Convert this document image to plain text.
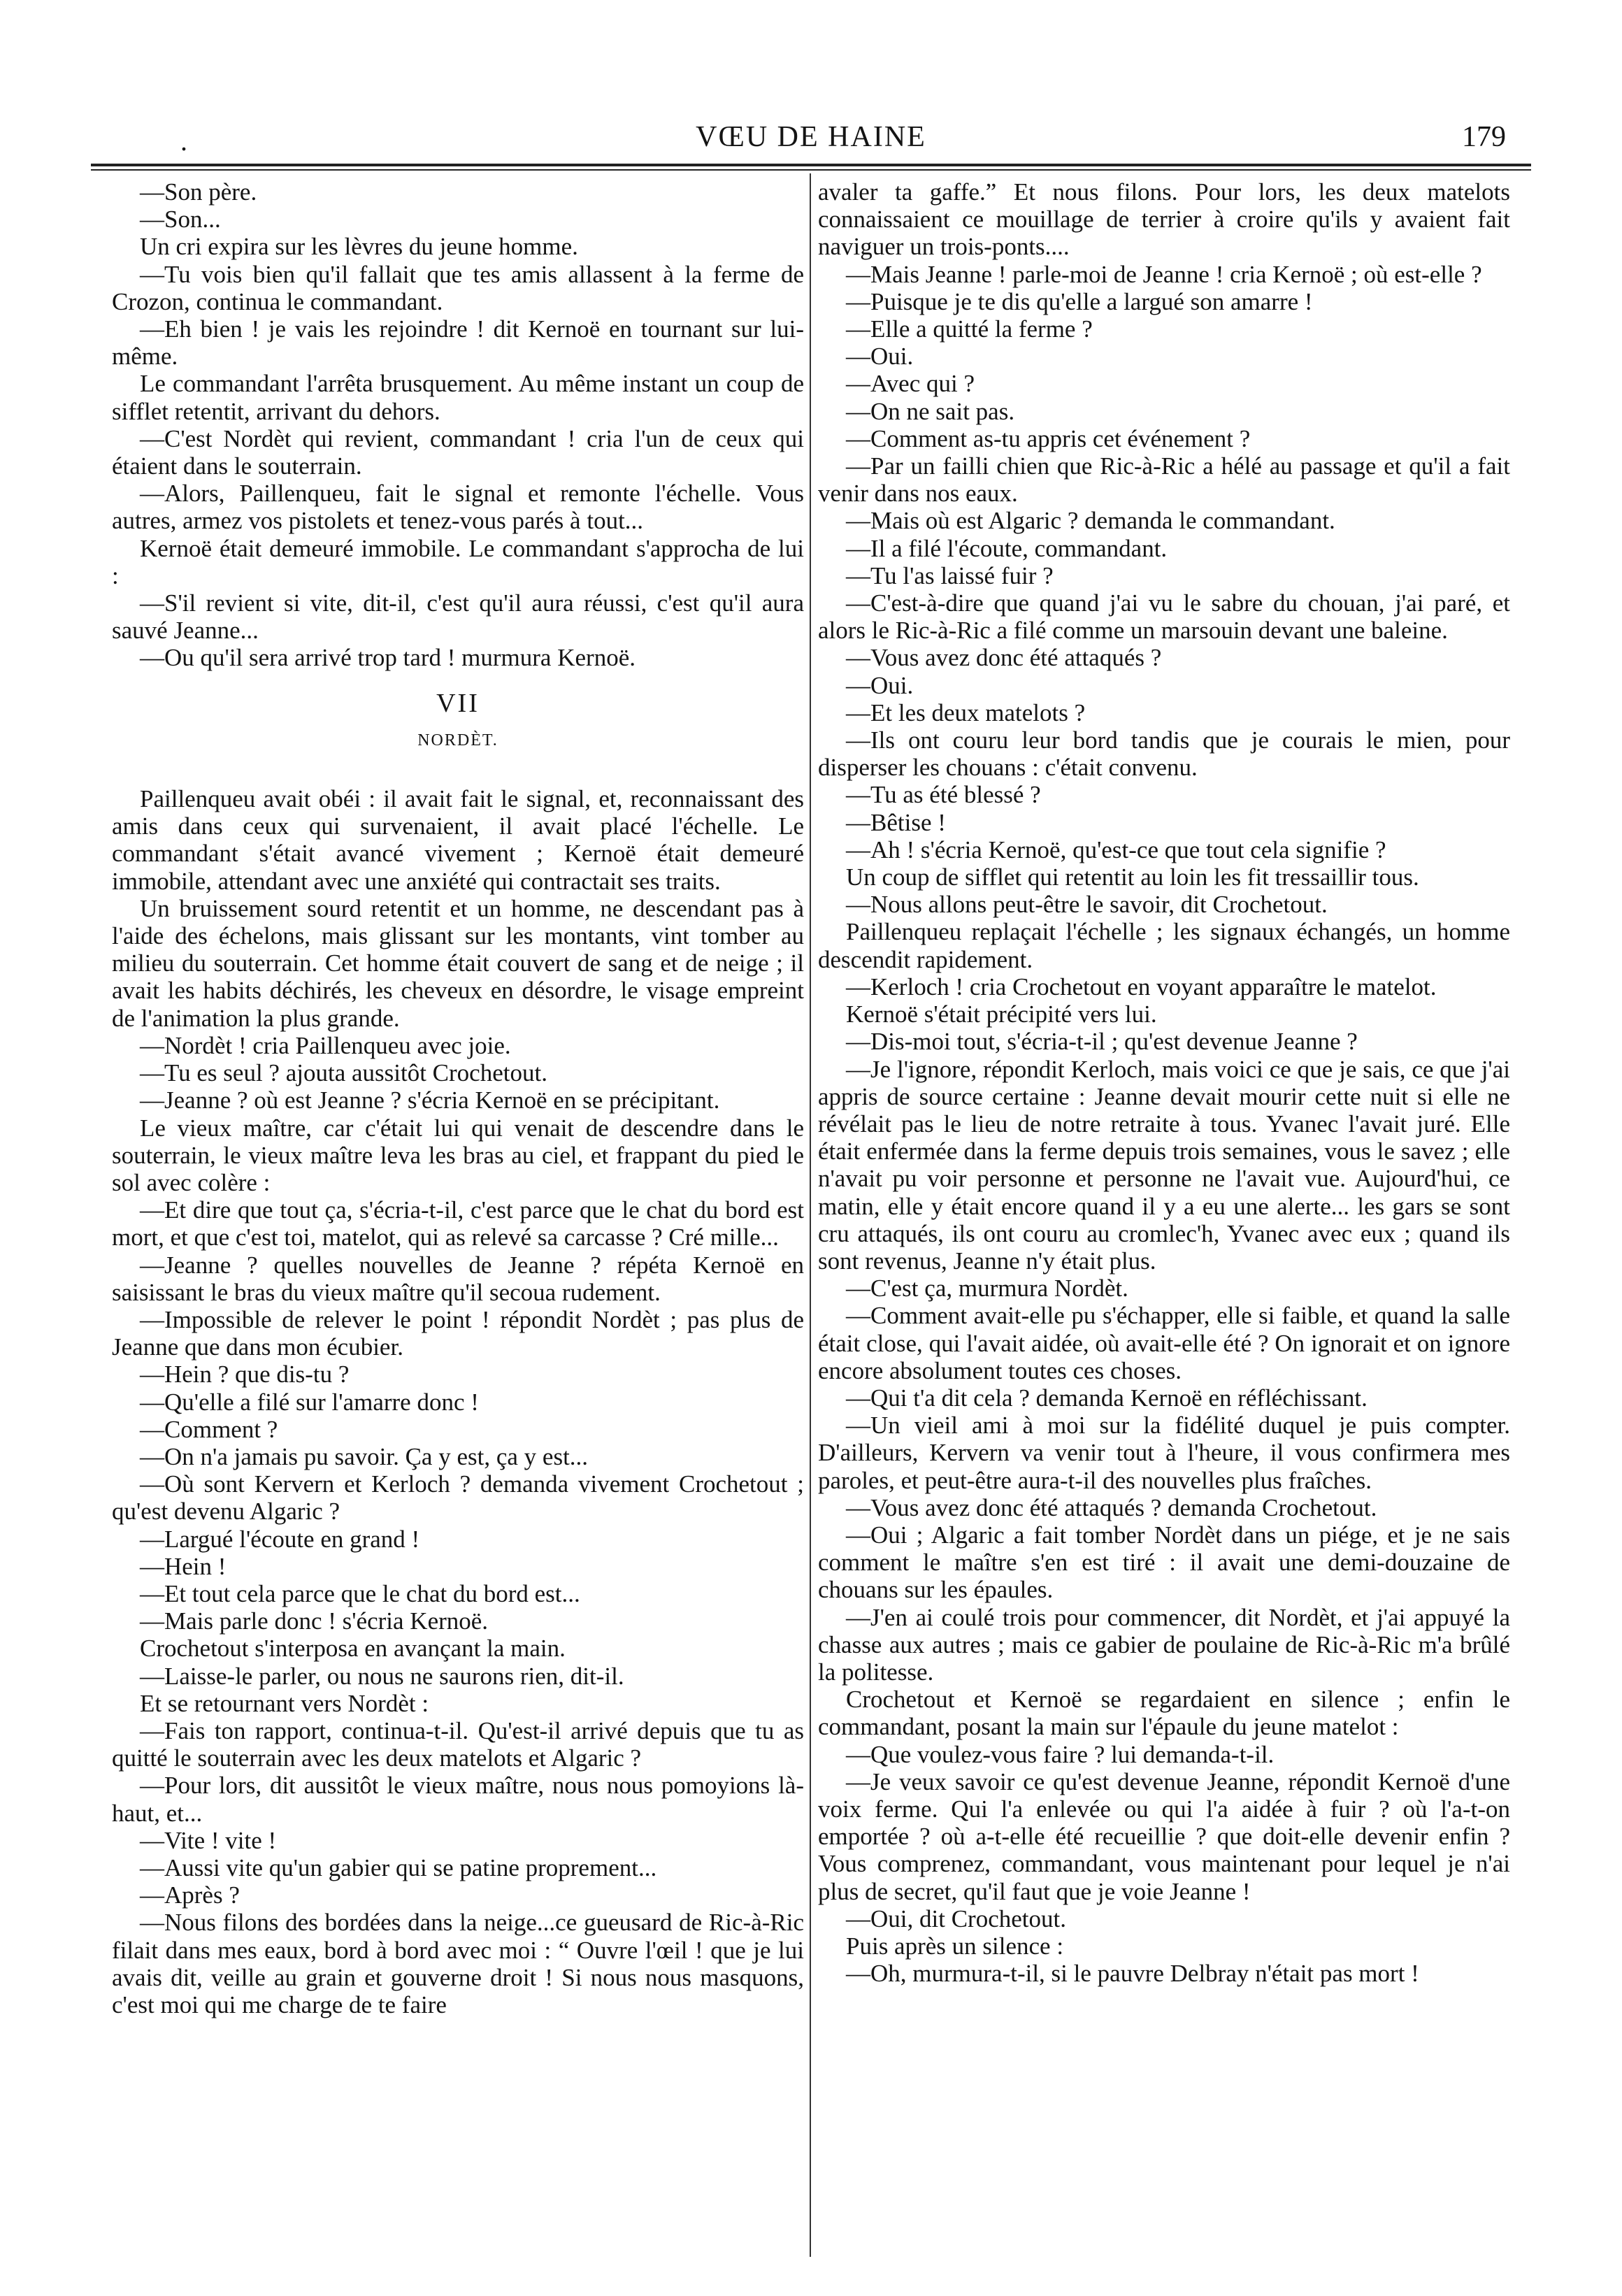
.	VŒU DE HAINE	179

—Son père.

—Son...

Un cri expira sur les lèvres du jeune homme.

—Tu vois bien qu'il fallait que tes amis allassent à la ferme de Crozon, continua le commandant.

—Eh bien ! je vais les rejoindre ! dit Kernoë en tournant sur lui-même.

Le commandant l'arrêta brusquement. Au même instant un coup de sifflet retentit, arrivant du dehors.

—C'est Nordèt qui revient, commandant ! cria l'un de ceux qui étaient dans le souterrain.

—Alors, Paillenqueu, fait le signal et remonte l'échelle. Vous autres, armez vos pistolets et tenez-vous parés à tout...

Kernoë était demeuré immobile. Le commandant s'approcha de lui :

—S'il revient si vite, dit-il, c'est qu'il aura réussi, c'est qu'il aura sauvé Jeanne...

—Ou qu'il sera arrivé trop tard ! murmura Kernoë.

VII
NORDÈT.

Paillenqueu avait obéi : il avait fait le signal, et, reconnaissant des amis dans ceux qui survenaient, il avait placé l'échelle. Le commandant s'était avancé vivement ; Kernoë était demeuré immobile, attendant avec une anxiété qui contractait ses traits.

Un bruissement sourd retentit et un homme, ne descendant pas à l'aide des échelons, mais glissant sur les montants, vint tomber au milieu du souterrain. Cet homme était couvert de sang et de neige ; il avait les habits déchirés, les cheveux en désordre, le visage empreint de l'animation la plus grande.

—Nordèt ! cria Paillenqueu avec joie.

—Tu es seul ? ajouta aussitôt Crochetout.

—Jeanne ? où est Jeanne ? s'écria Kernoë en se précipitant.

Le vieux maître, car c'était lui qui venait de descendre dans le souterrain, le vieux maître leva les bras au ciel, et frappant du pied le sol avec colère :

—Et dire que tout ça, s'écria-t-il, c'est parce que le chat du bord est mort, et que c'est toi, matelot, qui as relevé sa carcasse ? Cré mille...

—Jeanne ? quelles nouvelles de Jeanne ? répéta Kernoë en saisissant le bras du vieux maître qu'il secoua rudement.

—Impossible de relever le point ! répondit Nordèt ; pas plus de Jeanne que dans mon écubier.

—Hein ? que dis-tu ?

—Qu'elle a filé sur l'amarre donc !

—Comment ?

—On n'a jamais pu savoir. Ça y est, ça y est...

—Où sont Kervern et Kerloch ? demanda vivement Crochetout ; qu'est devenu Algaric ?

—Largué l'écoute en grand !

—Hein !

—Et tout cela parce que le chat du bord est...

—Mais parle donc ! s'écria Kernoë.

Crochetout s'interposa en avançant la main.

—Laisse-le parler, ou nous ne saurons rien, dit-il.

Et se retournant vers Nordèt :

—Fais ton rapport, continua-t-il. Qu'est-il arrivé depuis que tu as quitté le souterrain avec les deux matelots et Algaric ?

—Pour lors, dit aussitôt le vieux maître, nous nous pomoyions là-haut, et...

—Vite ! vite !

—Aussi vite qu'un gabier qui se patine proprement...

—Après ?

—Nous filons des bordées dans la neige...ce gueusard de Ric-à-Ric filait dans mes eaux, bord à bord avec moi : “ Ouvre l'œil ! que je lui avais dit, veille au grain et gouverne droit ! Si nous nous masquons, c'est moi qui me charge de te faire

avaler ta gaffe.” Et nous filons. Pour lors, les deux matelots connaissaient ce mouillage de terrier à croire qu'ils y avaient fait naviguer un trois-ponts....

—Mais Jeanne ! parle-moi de Jeanne ! cria Kernoë ; où est-elle ?

—Puisque je te dis qu'elle a largué son amarre !

—Elle a quitté la ferme ?

—Oui.

—Avec qui ?

—On ne sait pas.

—Comment as-tu appris cet événement ?

—Par un failli chien que Ric-à-Ric a hélé au passage et qu'il a fait venir dans nos eaux.

—Mais où est Algaric ? demanda le commandant.

—Il a filé l'écoute, commandant.

—Tu l'as laissé fuir ?

—C'est-à-dire que quand j'ai vu le sabre du chouan, j'ai paré, et alors le Ric-à-Ric a filé comme un marsouin devant une baleine.

—Vous avez donc été attaqués ?

—Oui.

—Et les deux matelots ?

—Ils ont couru leur bord tandis que je courais le mien, pour disperser les chouans : c'était convenu.

—Tu as été blessé ?

—Bêtise !

—Ah ! s'écria Kernoë, qu'est-ce que tout cela signifie ?

Un coup de sifflet qui retentit au loin les fit tressaillir tous.

—Nous allons peut-être le savoir, dit Crochetout.

Paillenqueu replaçait l'échelle ; les signaux échangés, un homme descendit rapidement.

—Kerloch ! cria Crochetout en voyant apparaître le matelot.

Kernoë s'était précipité vers lui.

—Dis-moi tout, s'écria-t-il ; qu'est devenue Jeanne ?

—Je l'ignore, répondit Kerloch, mais voici ce que je sais, ce que j'ai appris de source certaine : Jeanne devait mourir cette nuit si elle ne révélait pas le lieu de notre retraite à tous. Yvanec l'avait juré. Elle était enfermée dans la ferme depuis trois semaines, vous le savez ; elle n'avait pu voir personne et personne ne l'avait vue. Aujourd'hui, ce matin, elle y était encore quand il y a eu une alerte... les gars se sont cru attaqués, ils ont couru au cromlec'h, Yvanec avec eux ; quand ils sont revenus, Jeanne n'y était plus.

—C'est ça, murmura Nordèt.

—Comment avait-elle pu s'échapper, elle si faible, et quand la salle était close, qui l'avait aidée, où avait-elle été ? On ignorait et on ignore encore absolument toutes ces choses.

—Qui t'a dit cela ? demanda Kernoë en réfléchissant.

—Un vieil ami à moi sur la fidélité duquel je puis compter. D'ailleurs, Kervern va venir tout à l'heure, il vous confirmera mes paroles, et peut-être aura-t-il des nouvelles plus fraîches.

—Vous avez donc été attaqués ? demanda Crochetout.

—Oui ; Algaric a fait tomber Nordèt dans un piége, et je ne sais comment le maître s'en est tiré : il avait une demi-douzaine de chouans sur les épaules.

—J'en ai coulé trois pour commencer, dit Nordèt, et j'ai appuyé la chasse aux autres ; mais ce gabier de poulaine de Ric-à-Ric m'a brûlé la politesse.

Crochetout et Kernoë se regardaient en silence ; enfin le commandant, posant la main sur l'épaule du jeune matelot :

—Que voulez-vous faire ? lui demanda-t-il.

—Je veux savoir ce qu'est devenue Jeanne, répondit Kernoë d'une voix ferme. Qui l'a enlevée ou qui l'a aidée à fuir ? où l'a-t-on emportée ? où a-t-elle été recueillie ? que doit-elle devenir enfin ? Vous comprenez, commandant, vous maintenant pour lequel je n'ai plus de secret, qu'il faut que je voie Jeanne !

—Oui, dit Crochetout.

Puis après un silence :

—Oh, murmura-t-il, si le pauvre Delbray n'était pas mort !
